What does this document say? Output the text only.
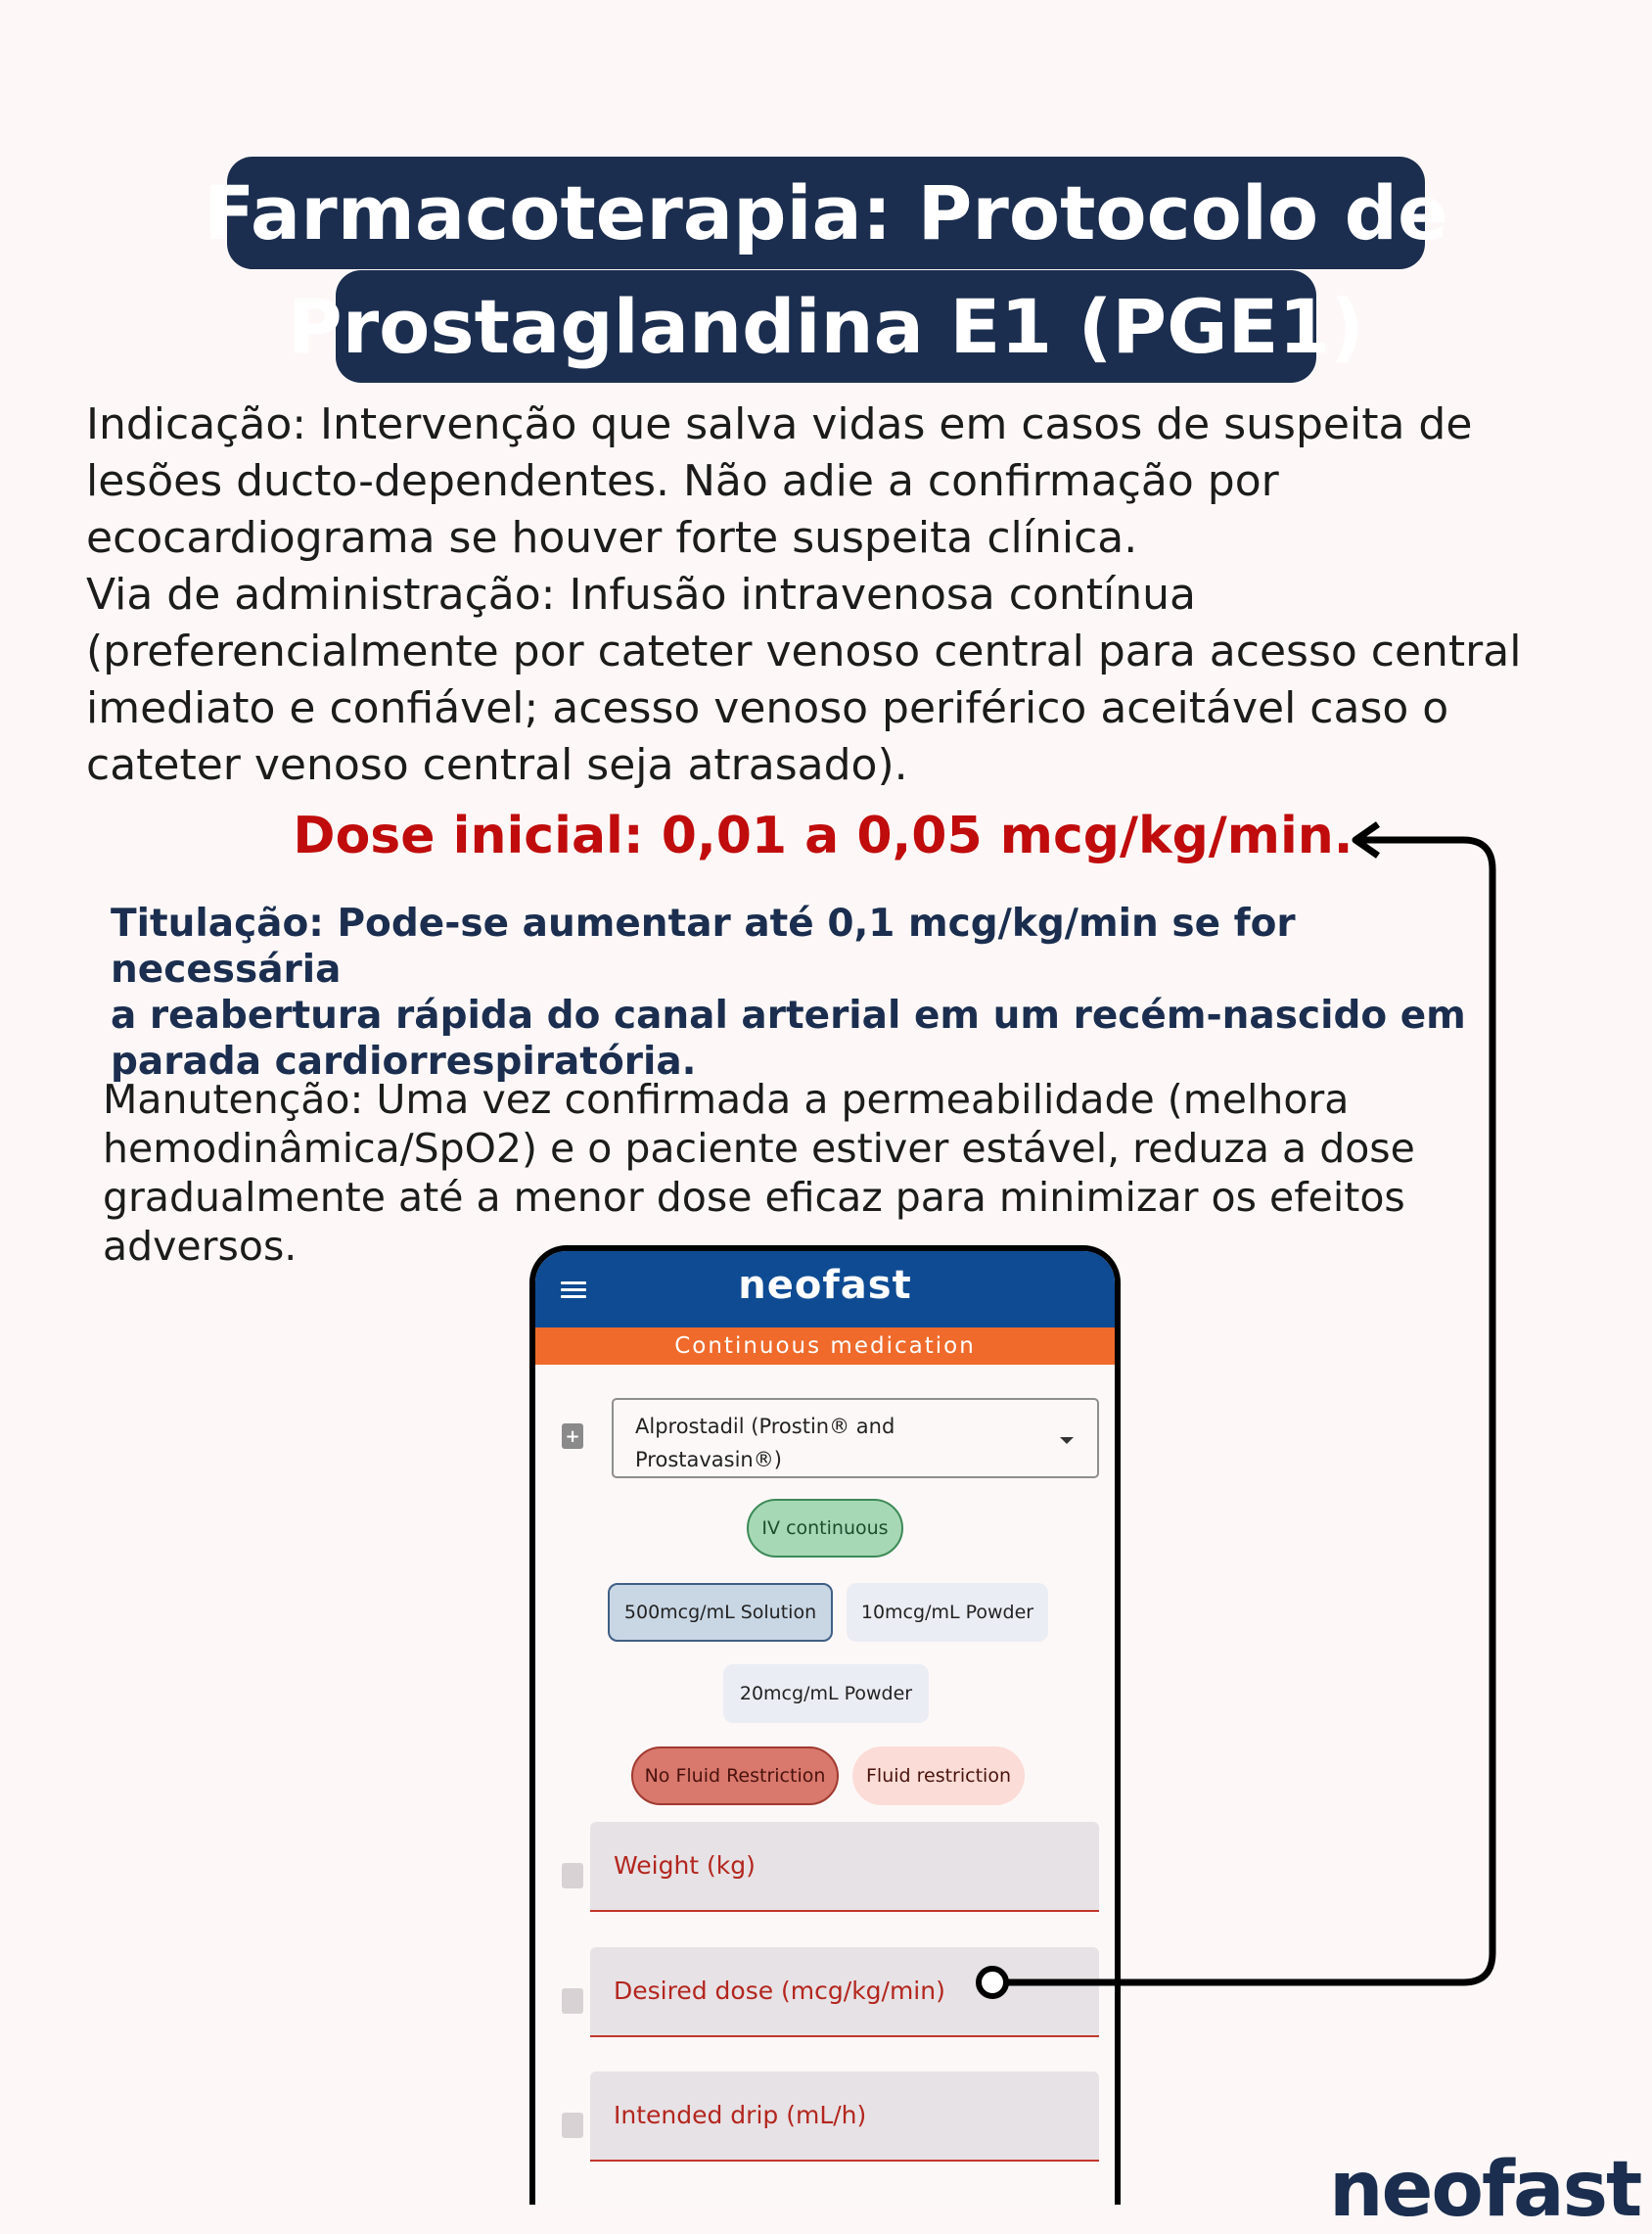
Farmacoterapia: Protocolo de
Prostaglandina E1 (PGE1)

Indicação: Intervenção que salva vidas em casos de suspeita de
lesões ducto-dependentes. Não adie a confirmação por
ecocardiograma se houver forte suspeita clínica.
Via de administração: Infusão intravenosa contínua
(preferencialmente por cateter venoso central para acesso central
imediato e confiável; acesso venoso periférico aceitável caso o
cateter venoso central seja atrasado).

Dose inicial: 0,01 a 0,05 mcg/kg/min.

Titulação: Pode-se aumentar até 0,1 mcg/kg/min se for necessária
a reabertura rápida do canal arterial em um recém-nascido em
parada cardiorrespiratória.

Manutenção: Uma vez confirmada a permeabilidade (melhora
hemodinâmica/SpO2) e o paciente estiver estável, reduza a dose
gradualmente até a menor dose eficaz para minimizar os efeitos
adversos.

neofast
Continuous medication
+
Alprostadil (Prostin® and
Prostavasin®)
IV continuous
500mcg/mL Solution	10mcg/mL Powder
20mcg/mL Powder
No Fluid Restriction	Fluid restriction
Weight (kg)
Desired dose (mcg/kg/min)
Intended drip (mL/h)
neofast
